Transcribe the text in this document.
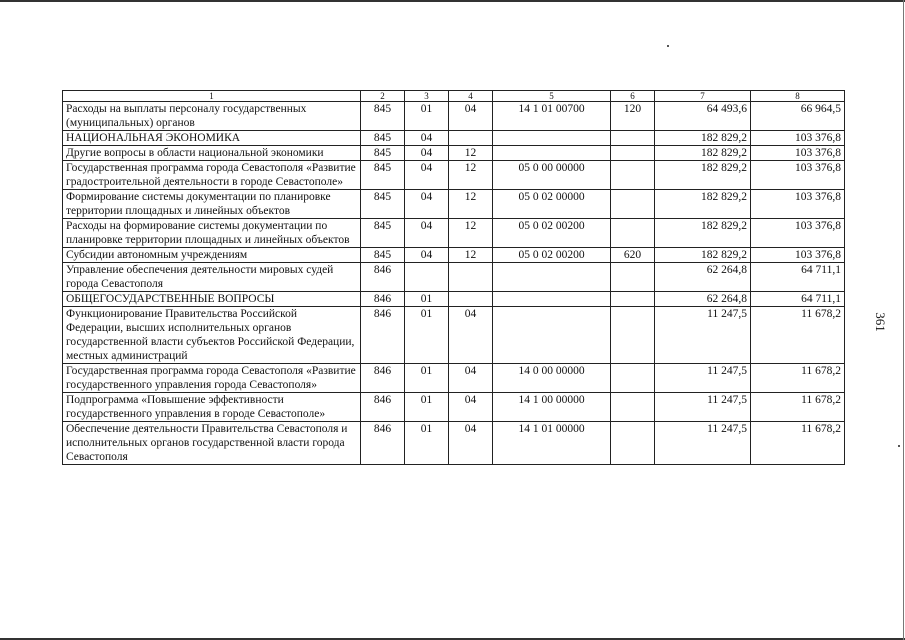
1	2	3	4	5	6	7	8
Расходы на выплаты персоналу государственных (муниципальных) органов	845	01	04	14 1 01 00700	120	64 493,6	66 964,5
НАЦИОНАЛЬНАЯ ЭКОНОМИКА	845	04				182 829,2	103 376,8
Другие вопросы в области национальной экономики	845	04	12			182 829,2	103 376,8
Государственная программа города Севастополя «Развитие градостроительной деятельности в городе Севастополе»	845	04	12	05 0 00 00000		182 829,2	103 376,8
Формирование системы документации по планировке территории площадных и линейных объектов	845	04	12	05 0 02 00000		182 829,2	103 376,8
Расходы на формирование системы документации по планировке территории площадных и линейных объектов	845	04	12	05 0 02 00200		182 829,2	103 376,8
Субсидии автономным учреждениям	845	04	12	05 0 02 00200	620	182 829,2	103 376,8
Управление обеспечения деятельности мировых судей города Севастополя	846					62 264,8	64 711,1
ОБЩЕГОСУДАРСТВЕННЫЕ ВОПРОСЫ	846	01				62 264,8	64 711,1
Функционирование Правительства Российской Федерации, высших исполнительных органов государственной власти субъектов Российской Федерации, местных администраций	846	01	04			11 247,5	11 678,2
Государственная программа города Севастополя «Развитие государственного управления города Севастополя»	846	01	04	14 0 00 00000		11 247,5	11 678,2
Подпрограмма «Повышение эффективности государственного управления в городе Севастополе»	846	01	04	14 1 00 00000		11 247,5	11 678,2
Обеспечение деятельности Правительства Севастополя и исполнительных органов государственной власти города Севастополя	846	01	04	14 1 01 00000		11 247,5	11 678,2
361
